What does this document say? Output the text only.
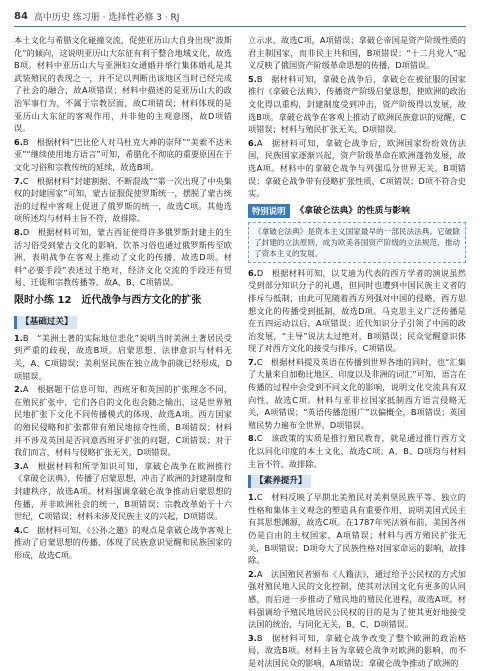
84 高中历史 练习册 · 选择性必修 3 · RJ

本土文化与希腊文化碰撞交流，促使亚历山大自身出现“波斯化”的倾向，这说明亚历山大东征有利于整合地域文化，故选B项。材料中亚历山大与亚洲妇女通婚并举行集体婚礼是其武装殖民的表现之一，并不足以判断出该地区当时已经完成了社会的融合，故A项错误；材料中描述的是亚历山大的政治军事行为，不属于宗教层面，故C项错误；材料体现的是亚历山大东征的客观作用，并非他的主观意图，故D项错误。

6.B　根据材料“巴比伦人对马杜克大神的崇拜”“美索不达米亚”“继续使用地方语言”可知，希腊化不彻底的重要原因在于文化习俗和宗教传统的延续，故选B项。

7.C　根据材料“封建割据、不断混战”“第一次出现了中央集权的封建国家”可知，蒙古征服促使罗斯统一，摆脱了蒙古统治的过程中客观上促进了俄罗斯的统一，故选C项。其他选项所述均与材料主旨不符，故排除。

8.D　根据材料可知，蒙古西征使得许多俄罗斯封建主的生活习俗受到蒙古文化的影响，饮茶习俗也通过俄罗斯传至欧洲，表明战争在客观上推动了文化的传播，故选D项。材料“必要手段”表述过于绝对，经济文化交流的手段还有贸易、迁徙和宗教传播等，故A、B、C项错误。

限时小练 12　近代战争与西方文化的扩张
【基础过关】

1.B　“美洲土著的实际地位悲化”说明当时美洲土著居民受到严重的歧视，故选B项。启蒙思想、法律意识与材料无关，A、C项错误；美利坚民族在独立战争前就已经形成，D项错误。

2.A　根据题干信息可知，西班牙和英国的扩张理念不同，在殖民扩张中，它们各自的文化也会随之输出，这是世界殖民地扩张下文化不同传播模式的体现，故选A项。西方国家的殖民侵略和扩张都带有殖民地掠夺性质，B项错误；材料并不涉及英国是否同意西班牙扩张的问题，C项错误；对于我们而言，材料与侵略扩张无关，D项错误。

3.A　根据材料和所学知识可知，拿破仑战争在欧洲推行《拿破仑法典》，传播了启蒙思想，冲击了欧洲的封建制度和封建秩序，故选A项。材料强调拿破仑战争推动启蒙思想的传播，并非欧洲社会的统一，B项错误；宗教改革始于十六世纪，C项错误；材料未涉及民族主义的兴起，D项错误。

4.C　据材料可知，《公孙之邀》的观点是拿破仑战争客观上推动了启蒙思想的传播，体现了民族意识觉醒和民族国家的形成，故选C项。

立示求，故选C项，A项错误；拿破仑帝国是资产阶级性质的君主制国家，而非民主共和国，B项错误；“十二月党人”起义反映了俄国资产阶级革命思想的传播，D项错误。

5.B　据材料可知，拿破仑战争后，拿破仑在被征服的国家推行《拿破仑法典》，传播资产阶级启蒙思想，使欧洲的政治文化得以重构，封建制度受到冲击，资产阶级得以发展，故选B项。拿破仑战争在客观上推动了欧洲民族意识的觉醒，C项错误；材料与殖民扩张无关，D项错误。

6.A　据材料可知，拿破仑战争后，欧洲国家纷纷效仿法国，民族国家逐渐兴起，资产阶级革命在欧洲蓬勃发展，故选A项。材料中的拿破仑战争与列强瓜分世界无关，B项错误；拿破仑战争带有侵略扩张性质，C项错误；D项不符合史实。

特别说明	《拿破仑法典》的性质与影响
《拿破仑法典》是资本主义国家最早的一部民法法典。它破除了封建的立法原则，成为欧美各国资产阶级的立法规范，推动了资本主义的发展。

6.D　根据材料可知，以艾迪为代表的西方学者的演说虽然受到部分知识分子的礼遇，但同时也遭到中国民族主义者的排斥与抵制，由此可见随着西方列强对中国的侵略，西方思想文化的传播受到抵制，故选D项。马克思主义广泛传播是在五四运动以后，A项错误；近代知识分子引领了中国的政治发展，“主导”说法太过绝对，B项错误；民众觉醒意识体现了对西方文化的接受与排斥，C项错误。

7.C　根据材料提及英语在传播到世界各地的同时，也“汇集了大量来自加勒比地区、印度以及非洲的词汇”可知，语言在传播的过程中会受到不同文化的影响，说明文化交流具有双向性，故选C项。材料与亚非拉国家抵制西方语言侵略无关，A项错误；“英语传播范围广”以偏概全，B项错误；英国殖民势力遍布全世界，D项错误。

8.C　该政策的实质是推行殖民教育，就是通过推行西方文化以同化印度的本土文化，故选C项。A、B、D项均与材料主旨不符，故排除。

【素养提升】

1.C　材料反映了早期北美殖民对美利坚民族平等、独立的性格和集体主义观念的塑造具有重要作用，说明美国式民主有其思想渊源，故选C项。在1787年宪法颁布前，美国各州仍是自由的主权国家，A项错误；材料与西方殖民扩张无关，B项错误；D项夸大了民族性格对国家命运的影响，故排除。

2.A　法国殖民者颁布《人籍法》，通过给予公民权的方式加强对殖民地人民的文化控制，使其对法国文化有更多的认同感，而后进一步推动了殖民地的殖民化进程，故选A项。材料强调给予殖民地居民公民权的目的是为了使其更好地接受法国的统治，与同化无关，B、C、D项错误。

3.B　据材料可知，拿破仑战争改变了整个欧洲的政治格局，故选B项。材料主旨为拿破仑战争对欧洲的影响，而不是对法国民众的影响，A项错误；拿破仑战争推动了欧洲的
